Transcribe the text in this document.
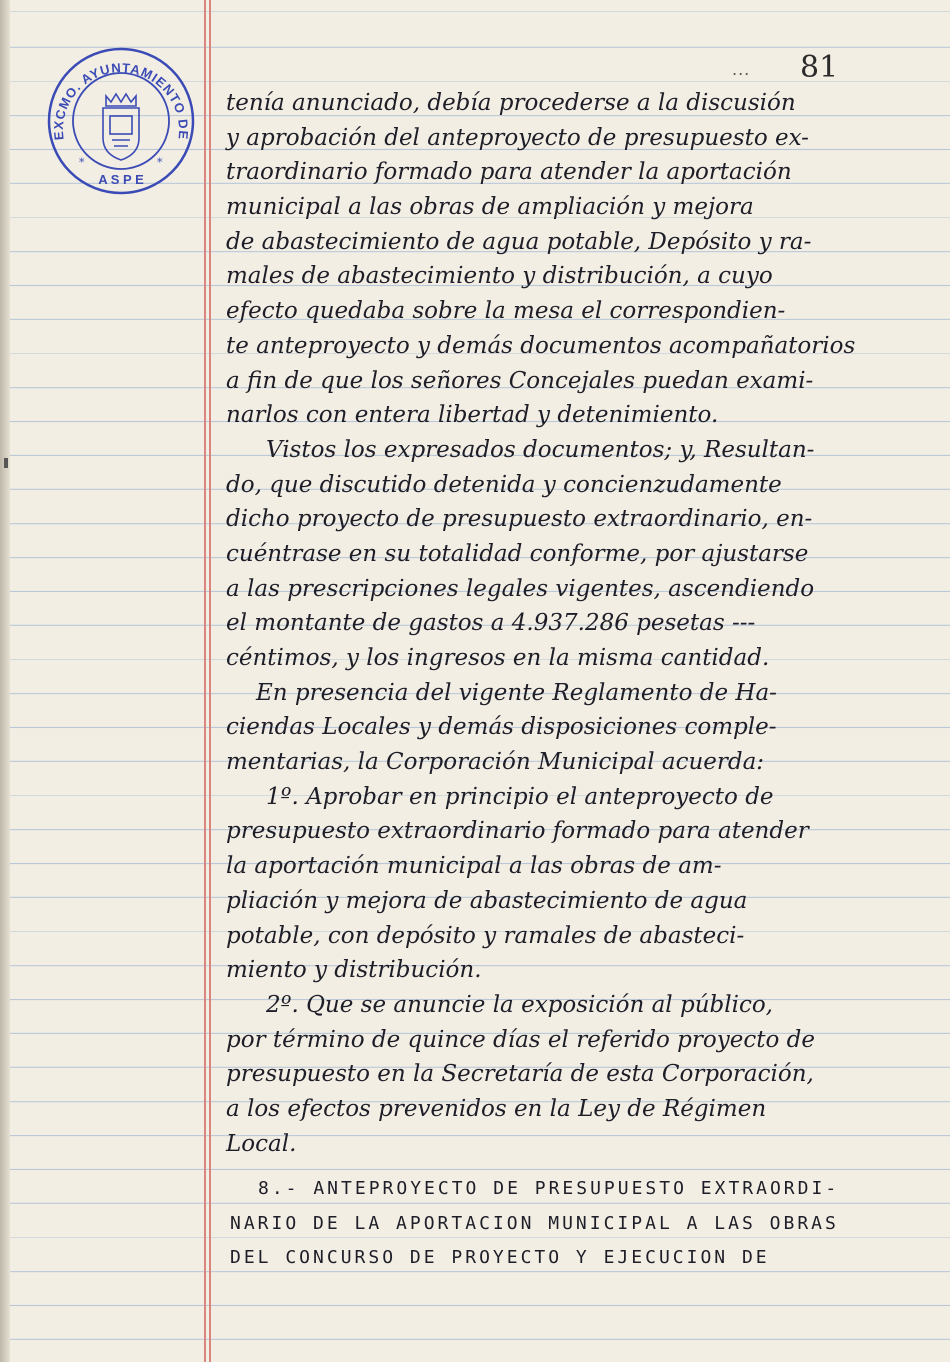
EXCMO. AYUNTAMIENTO DE
A S P E
*	*
... 81
tenía anunciado, debía procederse a la discusión
y aprobación del anteproyecto de presupuesto ex-
traordinario formado para atender la aportación
municipal a las obras de ampliación y mejora
de abastecimiento de agua potable, Depósito y ra-
males de abastecimiento y distribución, a cuyo
efecto quedaba sobre la mesa el correspondien-
te anteproyecto y demás documentos acompañatorios
a fin de que los señores Concejales puedan exami-
narlos con entera libertad y detenimiento.
Vistos los expresados documentos; y, Resultan-
do, que discutido detenida y concienzudamente
dicho proyecto de presupuesto extraordinario, en-
cuéntrase en su totalidad conforme, por ajustarse
a las prescripciones legales vigentes, ascendiendo
el montante de gastos a 4.937.286 pesetas ---
céntimos, y los ingresos en la misma cantidad.
En presencia del vigente Reglamento de Ha-
ciendas Locales y demás disposiciones comple-
mentarias, la Corporación Municipal acuerda:
1º. Aprobar en principio el anteproyecto de
presupuesto extraordinario formado para atender
la aportación municipal a las obras de am-
pliación y mejora de abastecimiento de agua
potable, con depósito y ramales de abasteci-
miento y distribución.
2º. Que se anuncie la exposición al público,
por término de quince días el referido proyecto de
presupuesto en la Secretaría de esta Corporación,
a los efectos prevenidos en la Ley de Régimen
Local.
8.- ANTEPROYECTO DE PRESUPUESTO EXTRAORDI-
NARIO DE LA APORTACION MUNICIPAL A LAS OBRAS
DEL CONCURSO DE PROYECTO Y EJECUCION DE
